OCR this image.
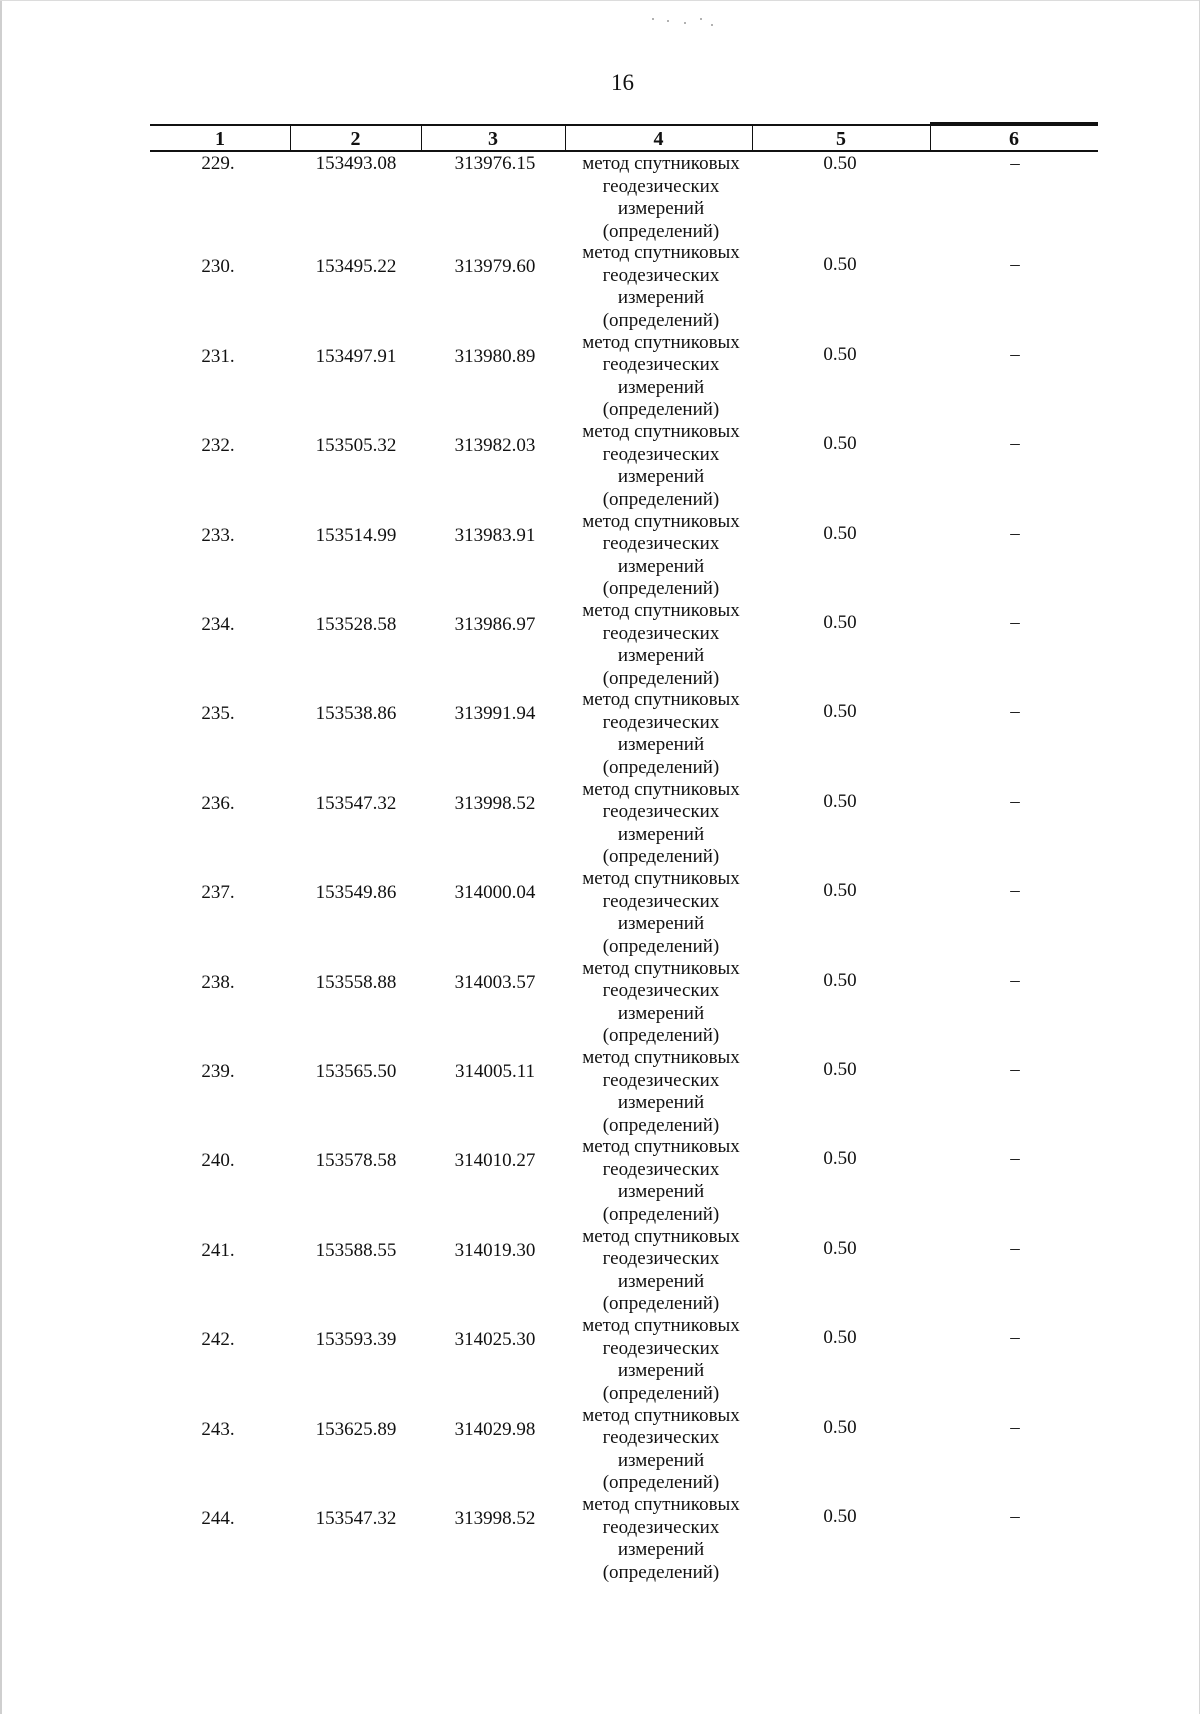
16
1	2	3	4	5	6
229.	153493.08	313976.15	метод спутниковых
геодезических
измерений
(определений)
0.50	–
230.	153495.22	313979.60
метод спутниковых
геодезических
измерений
(определений)
0.50	–
231.	153497.91	313980.89
метод спутниковых
геодезических
измерений
(определений)
0.50	–
232.	153505.32	313982.03
метод спутниковых
геодезических
измерений
(определений)
0.50	–
233.	153514.99	313983.91
метод спутниковых
геодезических
измерений
(определений)
0.50	–
234.	153528.58	313986.97
метод спутниковых
геодезических
измерений
(определений)
0.50	–
235.	153538.86	313991.94
метод спутниковых
геодезических
измерений
(определений)
0.50	–
236.	153547.32	313998.52
метод спутниковых
геодезических
измерений
(определений)
0.50	–
237.	153549.86	314000.04
метод спутниковых
геодезических
измерений
(определений)
0.50	–
238.	153558.88	314003.57
метод спутниковых
геодезических
измерений
(определений)
0.50	–
239.	153565.50	314005.11
метод спутниковых
геодезических
измерений
(определений)
0.50	–
240.	153578.58	314010.27
метод спутниковых
геодезических
измерений
(определений)
0.50	–
241.	153588.55	314019.30
метод спутниковых
геодезических
измерений
(определений)
0.50	–
242.	153593.39	314025.30
метод спутниковых
геодезических
измерений
(определений)
0.50	–
243.	153625.89	314029.98
метод спутниковых
геодезических
измерений
(определений)
0.50	–
244.	153547.32	313998.52
метод спутниковых
геодезических
измерений
(определений)
0.50	–
